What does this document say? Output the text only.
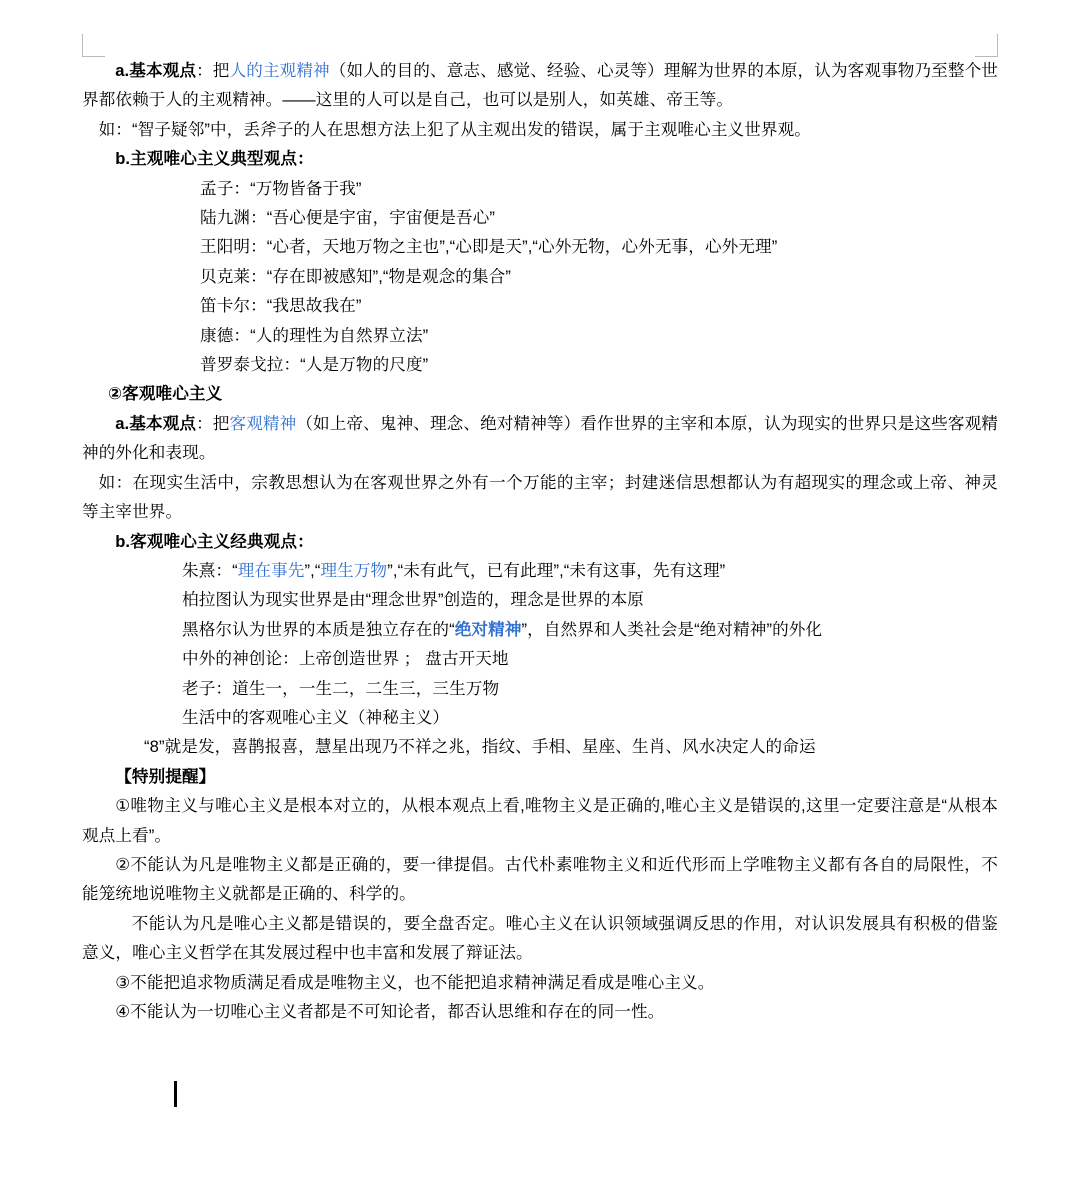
a.基本观点：把人的主观精神（如人的目的、意志、感觉、经验、心灵等）理解为世界的本原，认为客观事物乃至整个世界都依赖于人的主观精神。——这里的人可以是自己，也可以是别人，如英雄、帝王等。

如：“智子疑邻”中，丢斧子的人在思想方法上犯了从主观出发的错误，属于主观唯心主义世界观。

b.主观唯心主义典型观点：

孟子：“万物皆备于我”

陆九渊：“吾心便是宇宙，宇宙便是吾心”

王阳明：“心者，天地万物之主也”,“心即是天”,“心外无物，心外无事，心外无理”

贝克莱：“存在即被感知”,“物是观念的集合”

笛卡尔：“我思故我在”

康德：“人的理性为自然界立法”

普罗泰戈拉：“人是万物的尺度”

②客观唯心主义

a.基本观点：把客观精神（如上帝、鬼神、理念、绝对精神等）看作世界的主宰和本原，认为现实的世界只是这些客观精神的外化和表现。

如：在现实生活中，宗教思想认为在客观世界之外有一个万能的主宰；封建迷信思想都认为有超现实的理念或上帝、神灵等主宰世界。

b.客观唯心主义经典观点：

朱熹：“理在事先”,“理生万物”,“未有此气，已有此理”,“未有这事，先有这理”

柏拉图认为现实世界是由“理念世界”创造的，理念是世界的本原

黑格尔认为世界的本质是独立存在的“绝对精神”，自然界和人类社会是“绝对精神”的外化

中外的神创论：上帝创造世界 ； 盘古开天地

老子：道生一，一生二，二生三，三生万物

生活中的客观唯心主义（神秘主义）

“8”就是发，喜鹊报喜，慧星出现乃不祥之兆，指纹、手相、星座、生肖、风水决定人的命运

【特别提醒】

①唯物主义与唯心主义是根本对立的，从根本观点上看,唯物主义是正确的,唯心主义是错误的,这里一定要注意是“从根本观点上看”。

②不能认为凡是唯物主义都是正确的，要一律提倡。古代朴素唯物主义和近代形而上学唯物主义都有各自的局限性，不能笼统地说唯物主义就都是正确的、科学的。

不能认为凡是唯心主义都是错误的，要全盘否定。唯心主义在认识领域强调反思的作用，对认识发展具有积极的借鉴意义，唯心主义哲学在其发展过程中也丰富和发展了辩证法。

③不能把追求物质满足看成是唯物主义，也不能把追求精神满足看成是唯心主义。

④不能认为一切唯心主义者都是不可知论者，都否认思维和存在的同一性。
